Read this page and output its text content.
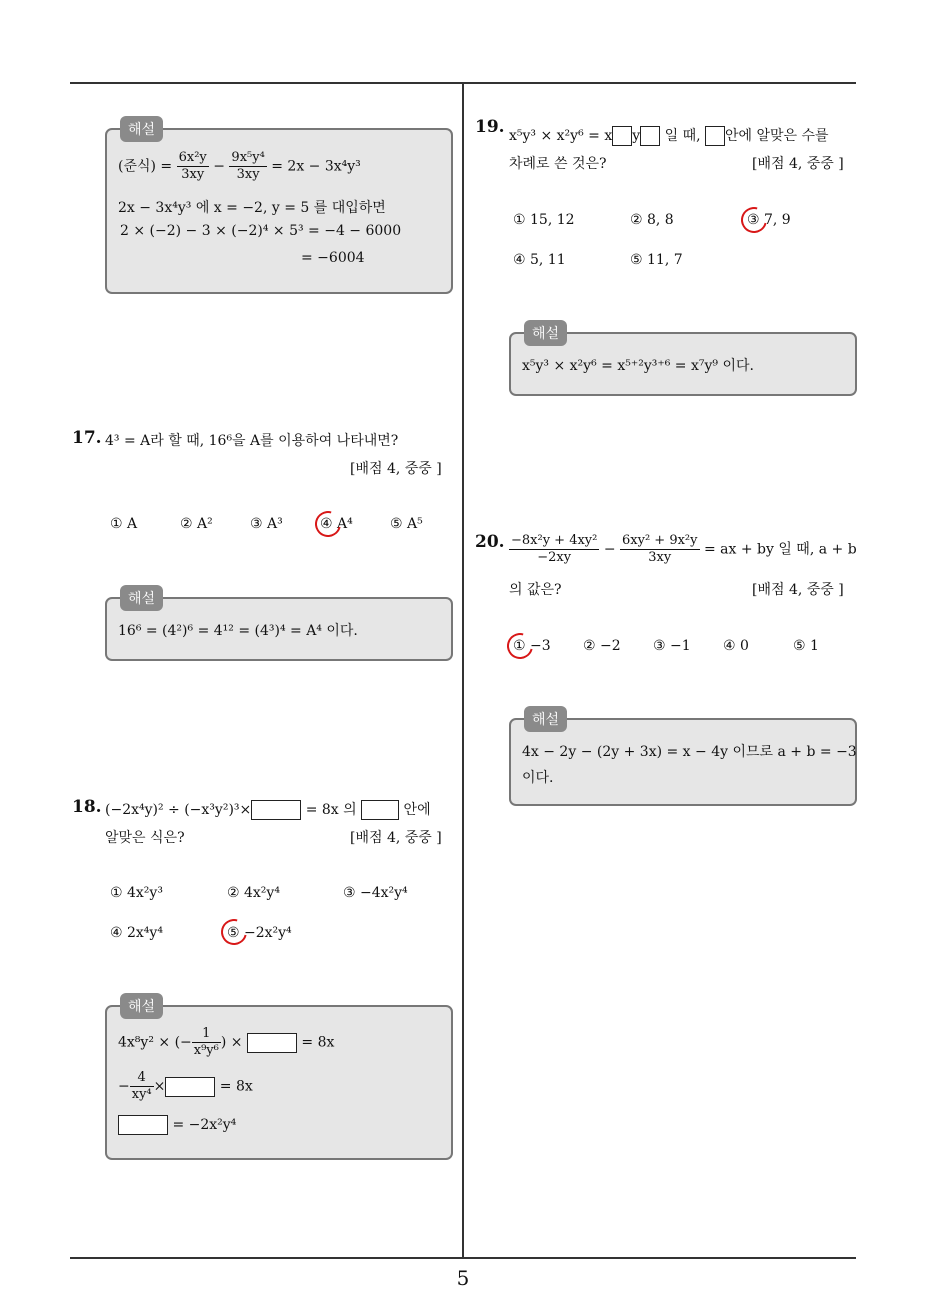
5
해설
(준식) = $\frac{\text{6x²y}}{3xy} - \frac{\text{9x⁵y⁴}}{3xy} = 2x - 3x^4y^3$
2x − 3x⁴y³ 에 x = −2, y = 5 를 대입하면
2 × (−2) − 3 × (−2)⁴ × 5³ = −4 − 6000
= −6004
17. 4³ = A라 할 때, 16⁶을 A를 이용하여 나타내면?
[배점 4, 중중 ]
① A	② A²	③ A³	④ A⁴	⑤ A⁵
해설
16⁶ = (4²)⁶ = 4¹² = (4³)⁴ = A⁴ 이다.
18. (−2x⁴y)² ÷ (−x³y²)³×	= 8x 의	안에
알맞은 식은?	[배점 4, 중중 ]
① 4x²y³	② 4x²y⁴	③ −4x²y⁴
④ 2x⁴y⁴	⑤ −2x²y⁴
해설
4x⁸y² × (− $\frac{1}{\text{x⁹y⁶}}$ ) ×	= 8x
− $\frac{4}{\text{xy⁴}}$ ×	= 8x
= −2x²y⁴
19. x⁵y³ × x²y⁶ = x y 일 때, 안에 알맞은 수를
차례로 쓴 것은?	[배점 4, 중중 ]
① 15, 12	② 8, 8	③ 7, 9
④ 5, 11	⑤ 11, 7
해설
x⁵y³ × x²y⁶ = x⁵⁺²y³⁺⁶ = x⁷y⁹ 이다.
20. $\frac{\text{−8x²y + 4xy²}}{-2xy} - \frac{\text{6xy² + 9x²y}}{3xy}$ = ax + by 일 때, a + b
의 값은?	[배점 4, 중중 ]
① −3 ② −2 ③ −1 ④ 0	⑤ 1
해설
4x − 2y − (2y + 3x) = x − 4y 이므로 a + b = −3
이다.
